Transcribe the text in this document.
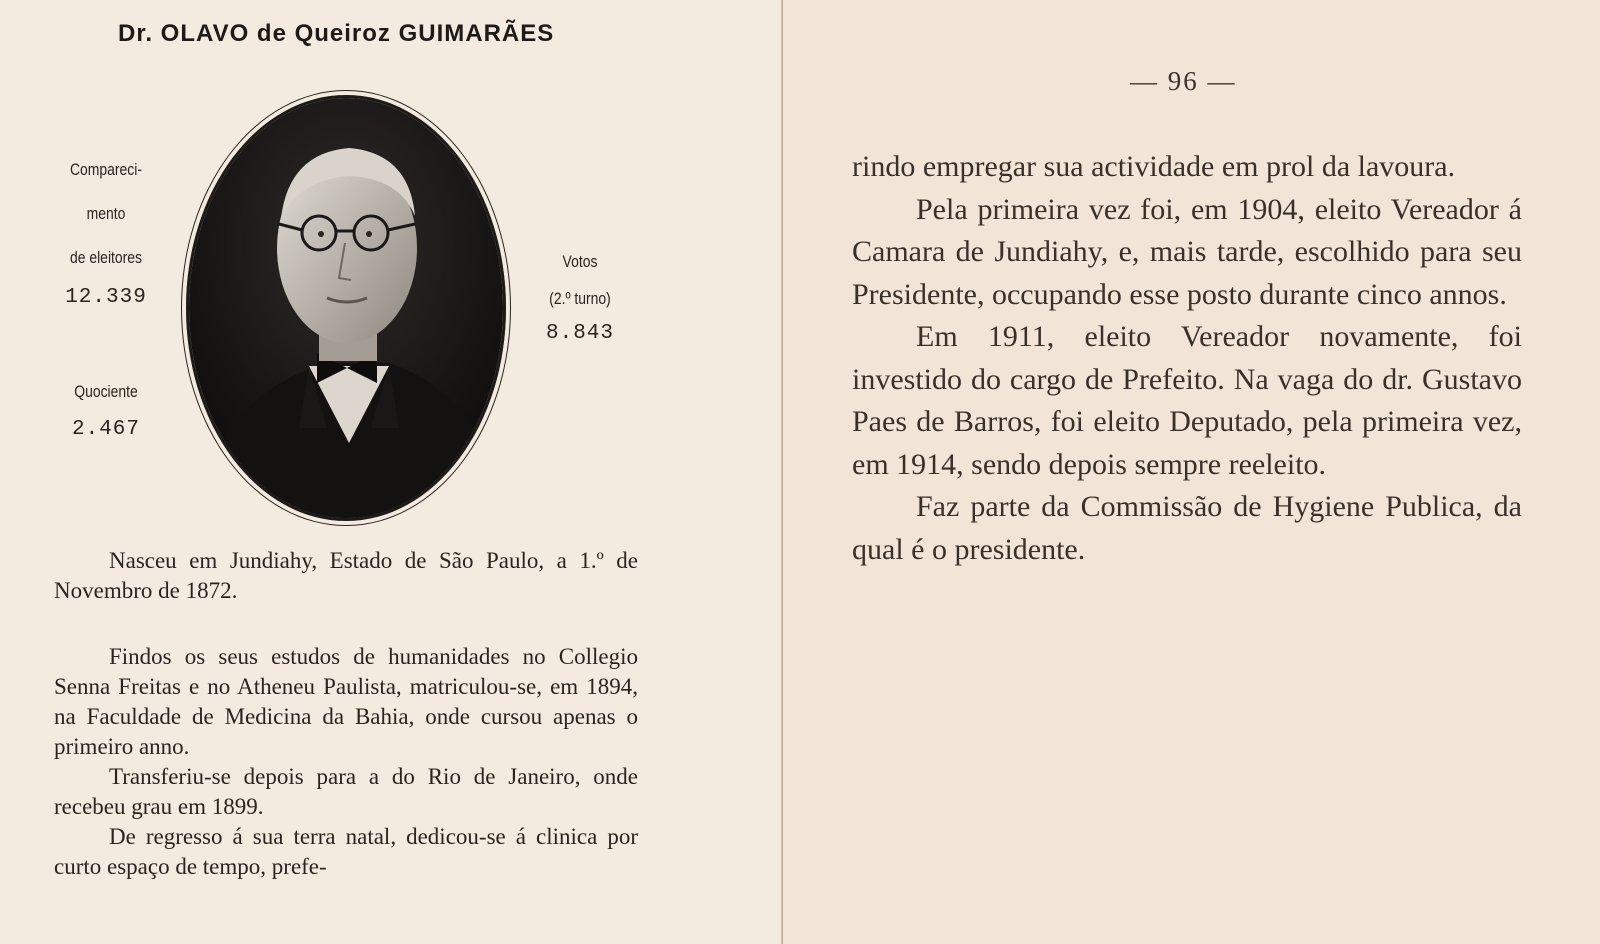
Dr. OLAVO de Queiroz GUIMARÃES
Compareci-
mento
de eleitores
12.339
Quociente
2.467
Votos
(2.º turno)
8.843

Nasceu em Jundiahy, Estado de São Paulo, a 1.º de Novembro de 1872.

Findos os seus estudos de humanidades no Collegio Senna Freitas e no Atheneu Paulista, matriculou-se, em 1894, na Faculdade de Medicina da Bahia, onde cursou apenas o primeiro anno.

Transferiu-se depois para a do Rio de Janeiro, onde recebeu grau em 1899.

De regresso á sua terra natal, dedicou-se á clinica por curto espaço de tempo, prefe-

— 96 —

rindo empregar sua actividade em prol da lavoura.

Pela primeira vez foi, em 1904, eleito Vereador á Camara de Jundiahy, e, mais tarde, escolhido para seu Presidente, occupando esse posto durante cinco annos.

Em 1911, eleito Vereador novamente, foi investido do cargo de Prefeito. Na vaga do dr. Gustavo Paes de Barros, foi eleito Deputado, pela primeira vez, em 1914, sendo depois sempre reeleito.

Faz parte da Commissão de Hygiene Publica, da qual é o presidente.
